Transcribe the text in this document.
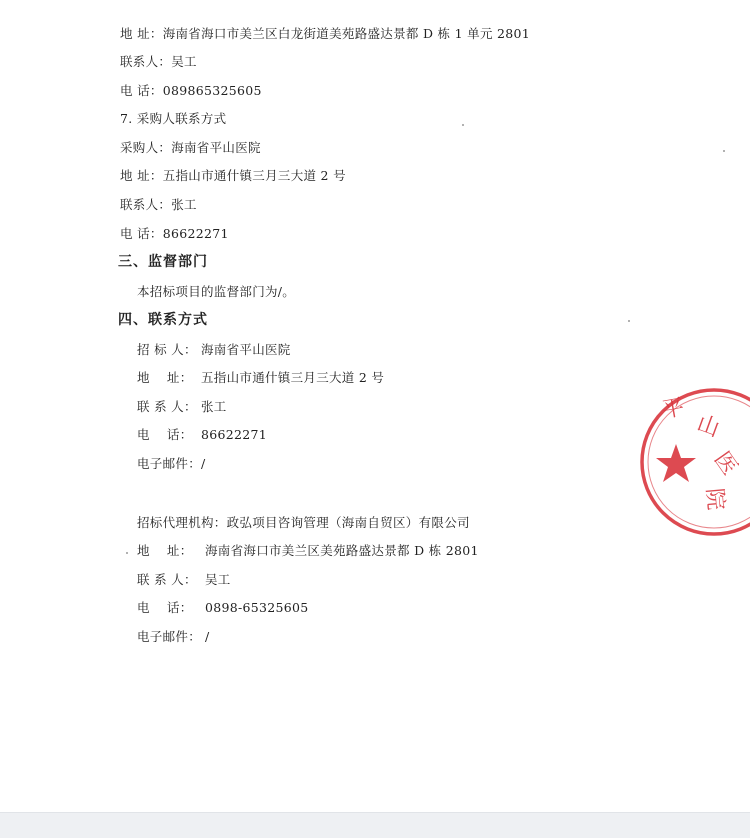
地 址：海南省海口市美兰区白龙街道美苑路盛达景都 D 栋 1 单元 2801
联系人：吴工
电 话：089865325605
7. 采购人联系方式
采购人：海南省平山医院
地 址：五指山市通什镇三月三大道 2 号
联系人：张工
电 话：86622271
三、监督部门
本招标项目的监督部门为/。
四、联系方式
招 标 人： 海南省平山医院
地    址： 五指山市通什镇三月三大道 2 号
联 系 人： 张工
电    话： 86622271
电子邮件：/
招标代理机构：政弘项目咨询管理（海南自贸区）有限公司
地    址： 海南省海口市美兰区美苑路盛达景都 D 栋 2801
联 系 人： 吴工
电    话： 0898-65325605
电子邮件： /
平
山
医
院
